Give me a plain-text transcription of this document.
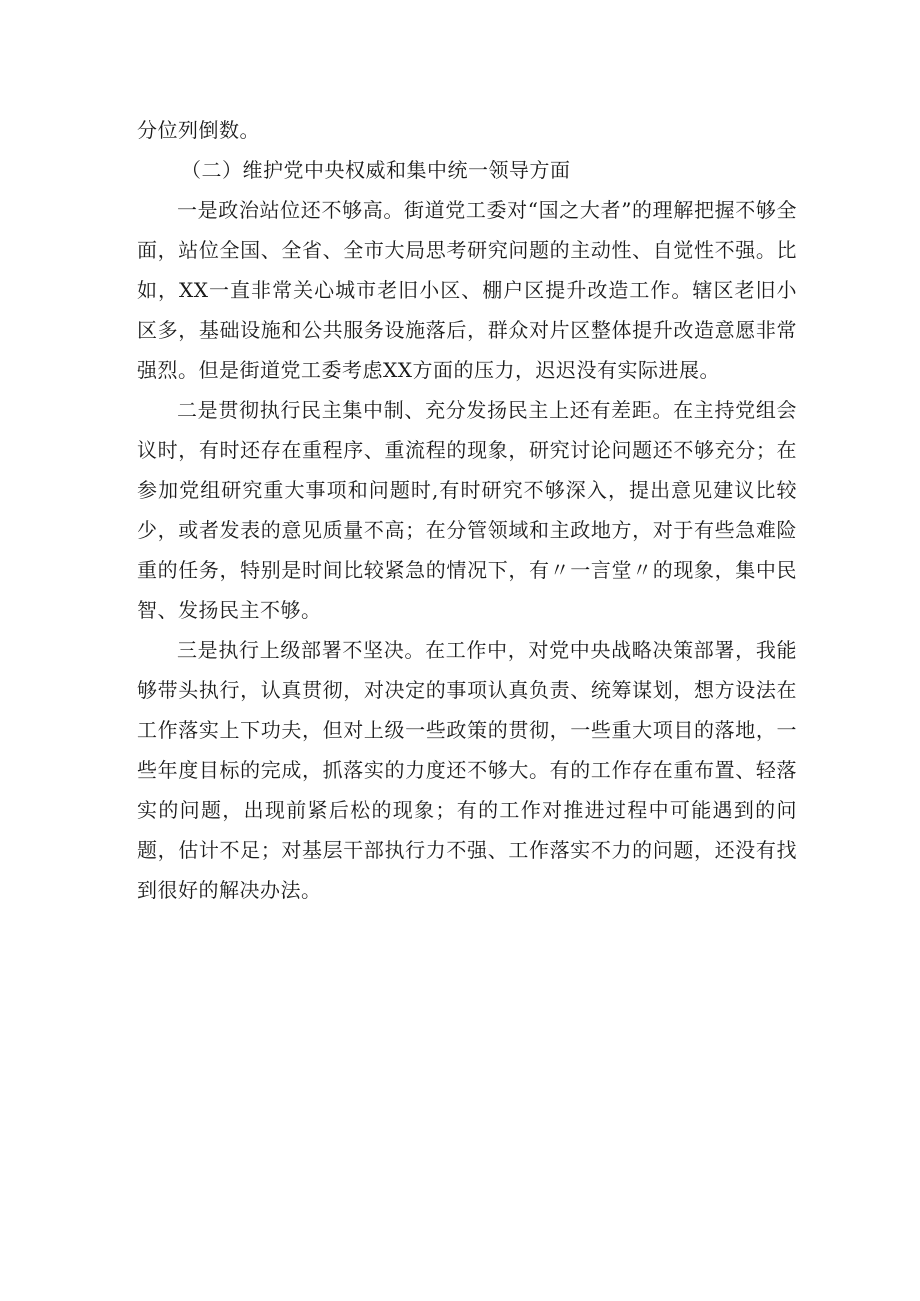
分位列倒数。

（二）维护党中央权威和集中统一领导方面

一是政治站位还不够高。街道党工委对“国之大者”的理解把握不够全面，站位全国、全省、全市大局思考研究问题的主动性、自觉性不强。比如，XX一直非常关心城市老旧小区、棚户区提升改造工作。辖区老旧小区多，基础设施和公共服务设施落后，群众对片区整体提升改造意愿非常强烈。但是街道党工委考虑XX方面的压力，迟迟没有实际进展。

二是贯彻执行民主集中制、充分发扬民主上还有差距。在主持党组会议时，有时还存在重程序、重流程的现象，研究讨论问题还不够充分；在参加党组研究重大事项和问题时,有时研究不够深入，提出意见建议比较少，或者发表的意见质量不高；在分管领域和主政地方，对于有些急难险重的任务，特别是时间比较紧急的情况下，有〃一言堂〃的现象，集中民智、发扬民主不够。

三是执行上级部署不坚决。在工作中，对党中央战略决策部署，我能够带头执行，认真贯彻，对决定的事项认真负责、统筹谋划，想方设法在工作落实上下功夫，但对上级一些政策的贯彻，一些重大项目的落地，一些年度目标的完成，抓落实的力度还不够大。有的工作存在重布置、轻落实的问题，出现前紧后松的现象；有的工作对推进过程中可能遇到的问题，估计不足；对基层干部执行力不强、工作落实不力的问题，还没有找到很好的解决办法。
